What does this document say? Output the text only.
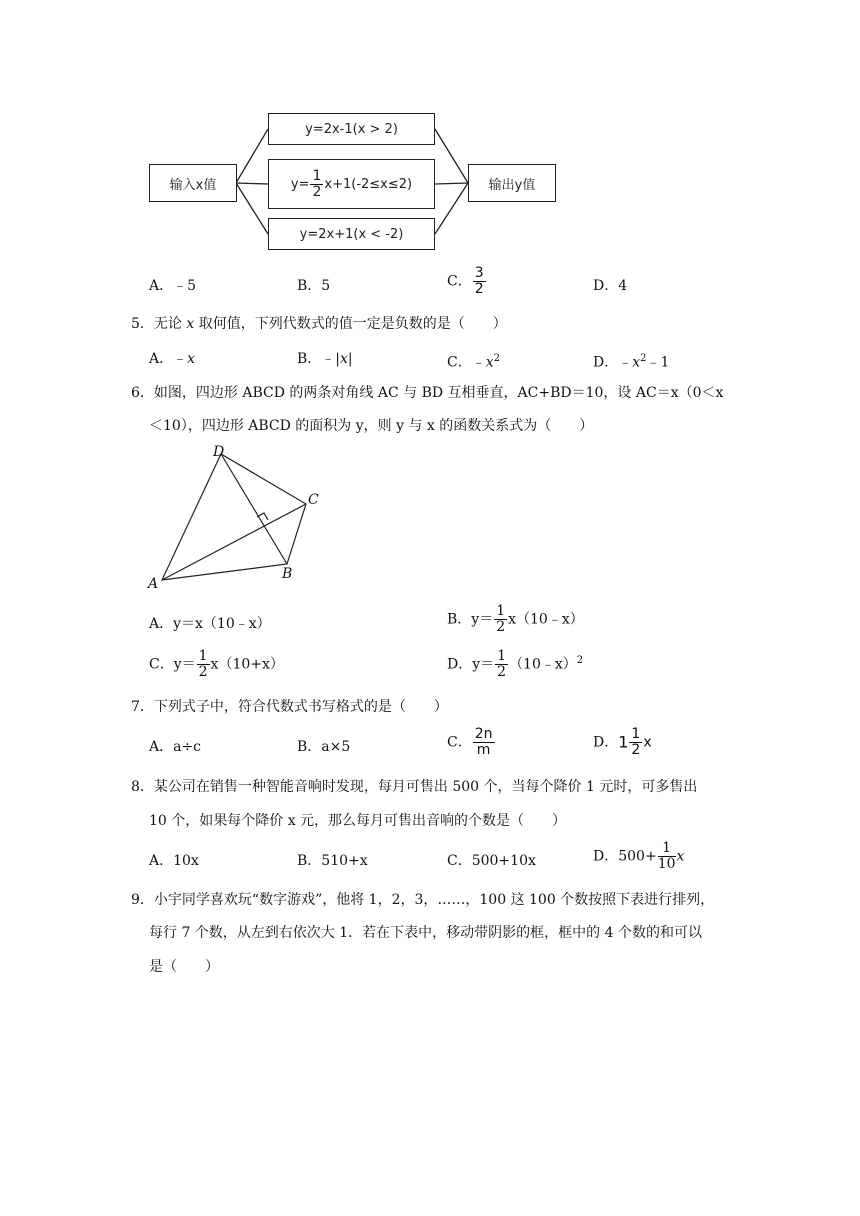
输入x值
y=2x-1(x > 2)
$y= \frac{1}{2} x+1(-2\le x\le 2)$
y=2x+1(x < -2)
输出y值
A．﹣5	B．5	C． $\frac{3}{2}$	D．4
5．无论 x 取何值，下列代数式的值一定是负数的是（　　）
A．﹣x	B．﹣|x|	C．$﹣x^2$	D．$﹣x^2﹣1$
6．如图，四边形 ABCD 的两条对角线 AC 与 BD 互相垂直，AC+BD＝10，设 AC＝x（0＜x
＜10），四边形 ABCD 的面积为 y，则 y 与 x 的函数关系式为（　　）
D
C
A
B
A．y＝x（10﹣x）	B．$y= \frac{1}{2}$ x（10﹣x）
C．$y= \frac{1}{2} x(10+x)$	D．$y= \frac{1}{2}$ （10﹣x）$^2$
7．下列式子中，符合代数式书写格式的是（　　）
A．a÷c	B．a×5	C． $\frac{2n}{m}$	D．$1 \frac{1}{2}$ x
8．某公司在销售一种智能音响时发现，每月可售出 500 个，当每个降价 1 元时，可多售出
10 个，如果每个降价 x 元，那么每月可售出音响的个数是（　　）
A．10x	B．510+x	C．500+10x	D．$500+ \frac{1}{10}$ x
9．小宇同学喜欢玩“数字游戏”，他将 1，2，3，……，100 这 100 个数按照下表进行排列，
每行 7 个数，从左到右依次大 1．若在下表中，移动带阴影的框，框中的 4 个数的和可以
是（　　）
